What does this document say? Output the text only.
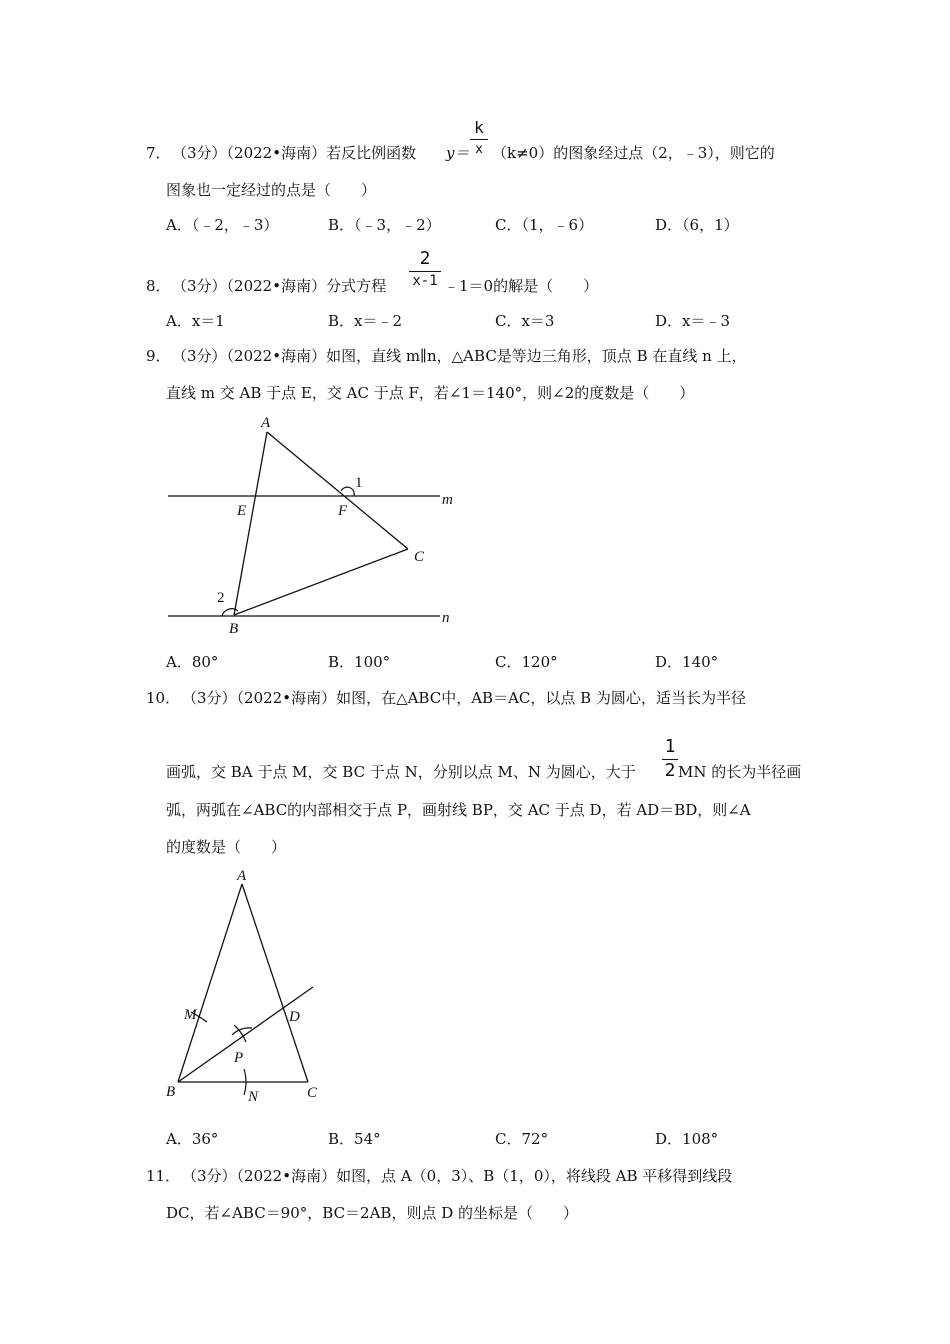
7． （3分）（2022•海南）若反比例函数 y＝
k
x （k≠0）的图象经过点（2，﹣3），则它的
图象也一定经过的点是（　　）
A．（﹣2，﹣3）	B．（﹣3，﹣2）	C．（1，﹣6）	D．（6，1）
8． （3分）（2022•海南）分式方程
2
x-1 ﹣1＝0的解是（　　）
A．x＝1	B．x＝﹣2	C．x＝3	D．x＝﹣3
9． （3分）（2022•海南）如图，直线 m∥n，△ABC是等边三角形，顶点 B 在直线 n 上，
直线 m 交 AB 于点 E，交 AC 于点 F，若∠1＝140°，则∠2的度数是（　　）
A
E	F
1
m
C
2
B
n
A．80°	B．100°	C．120°	D．140°
10． （3分）（2022•海南）如图，在△ABC中，AB＝AC，以点 B 为圆心，适当长为半径
画弧，交 BA 于点 M，交 BC 于点 N，分别以点 M、N 为圆心，大于
1
2 MN 的长为半径画
弧，两弧在∠ABC的内部相交于点 P，画射线 BP，交 AC 于点 D，若 AD＝BD，则∠A
的度数是（　　）
A
M	D
P
B	N	C
A．36°	B．54°	C．72°	D．108°
11． （3分）（2022•海南）如图，点 A（0，3）、B（1，0），将线段 AB 平移得到线段
DC，若∠ABC＝90°，BC＝2AB，则点 D 的坐标是（　　）
